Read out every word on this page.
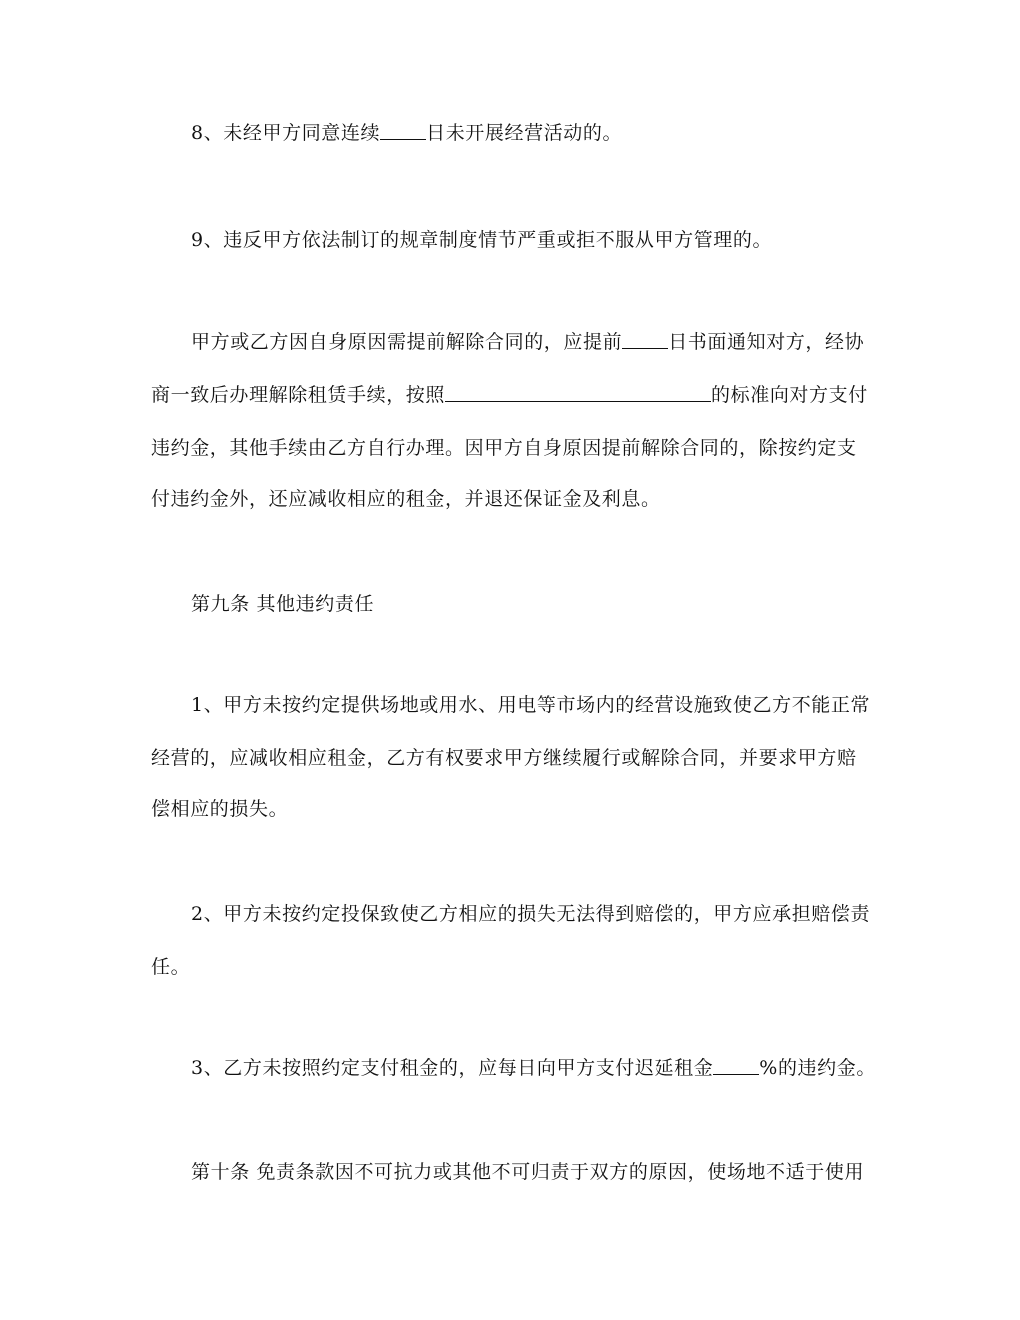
8、未经甲方同意连续 日未开展经营活动的。
9、违反甲方依法制订的规章制度情节严重或拒不服从甲方管理的。
甲方或乙方因自身原因需提前解除合同的，应提前 日书面通知对方，经协
商一致后办理解除租赁手续，按照	的标准向对方支付
违约金，其他手续由乙方自行办理。因甲方自身原因提前解除合同的，除按约定支
付违约金外，还应减收相应的租金，并退还保证金及利息。
第九条 其他违约责任
1、甲方未按约定提供场地或用水、用电等市场内的经营设施致使乙方不能正常
经营的，应减收相应租金，乙方有权要求甲方继续履行或解除合同，并要求甲方赔
偿相应的损失。
2、甲方未按约定投保致使乙方相应的损失无法得到赔偿的，甲方应承担赔偿责
任。
3、乙方未按照约定支付租金的，应每日向甲方支付迟延租金 %的违约金。
第十条 免责条款因不可抗力或其他不可归责于双方的原因，使场地不适于使用
